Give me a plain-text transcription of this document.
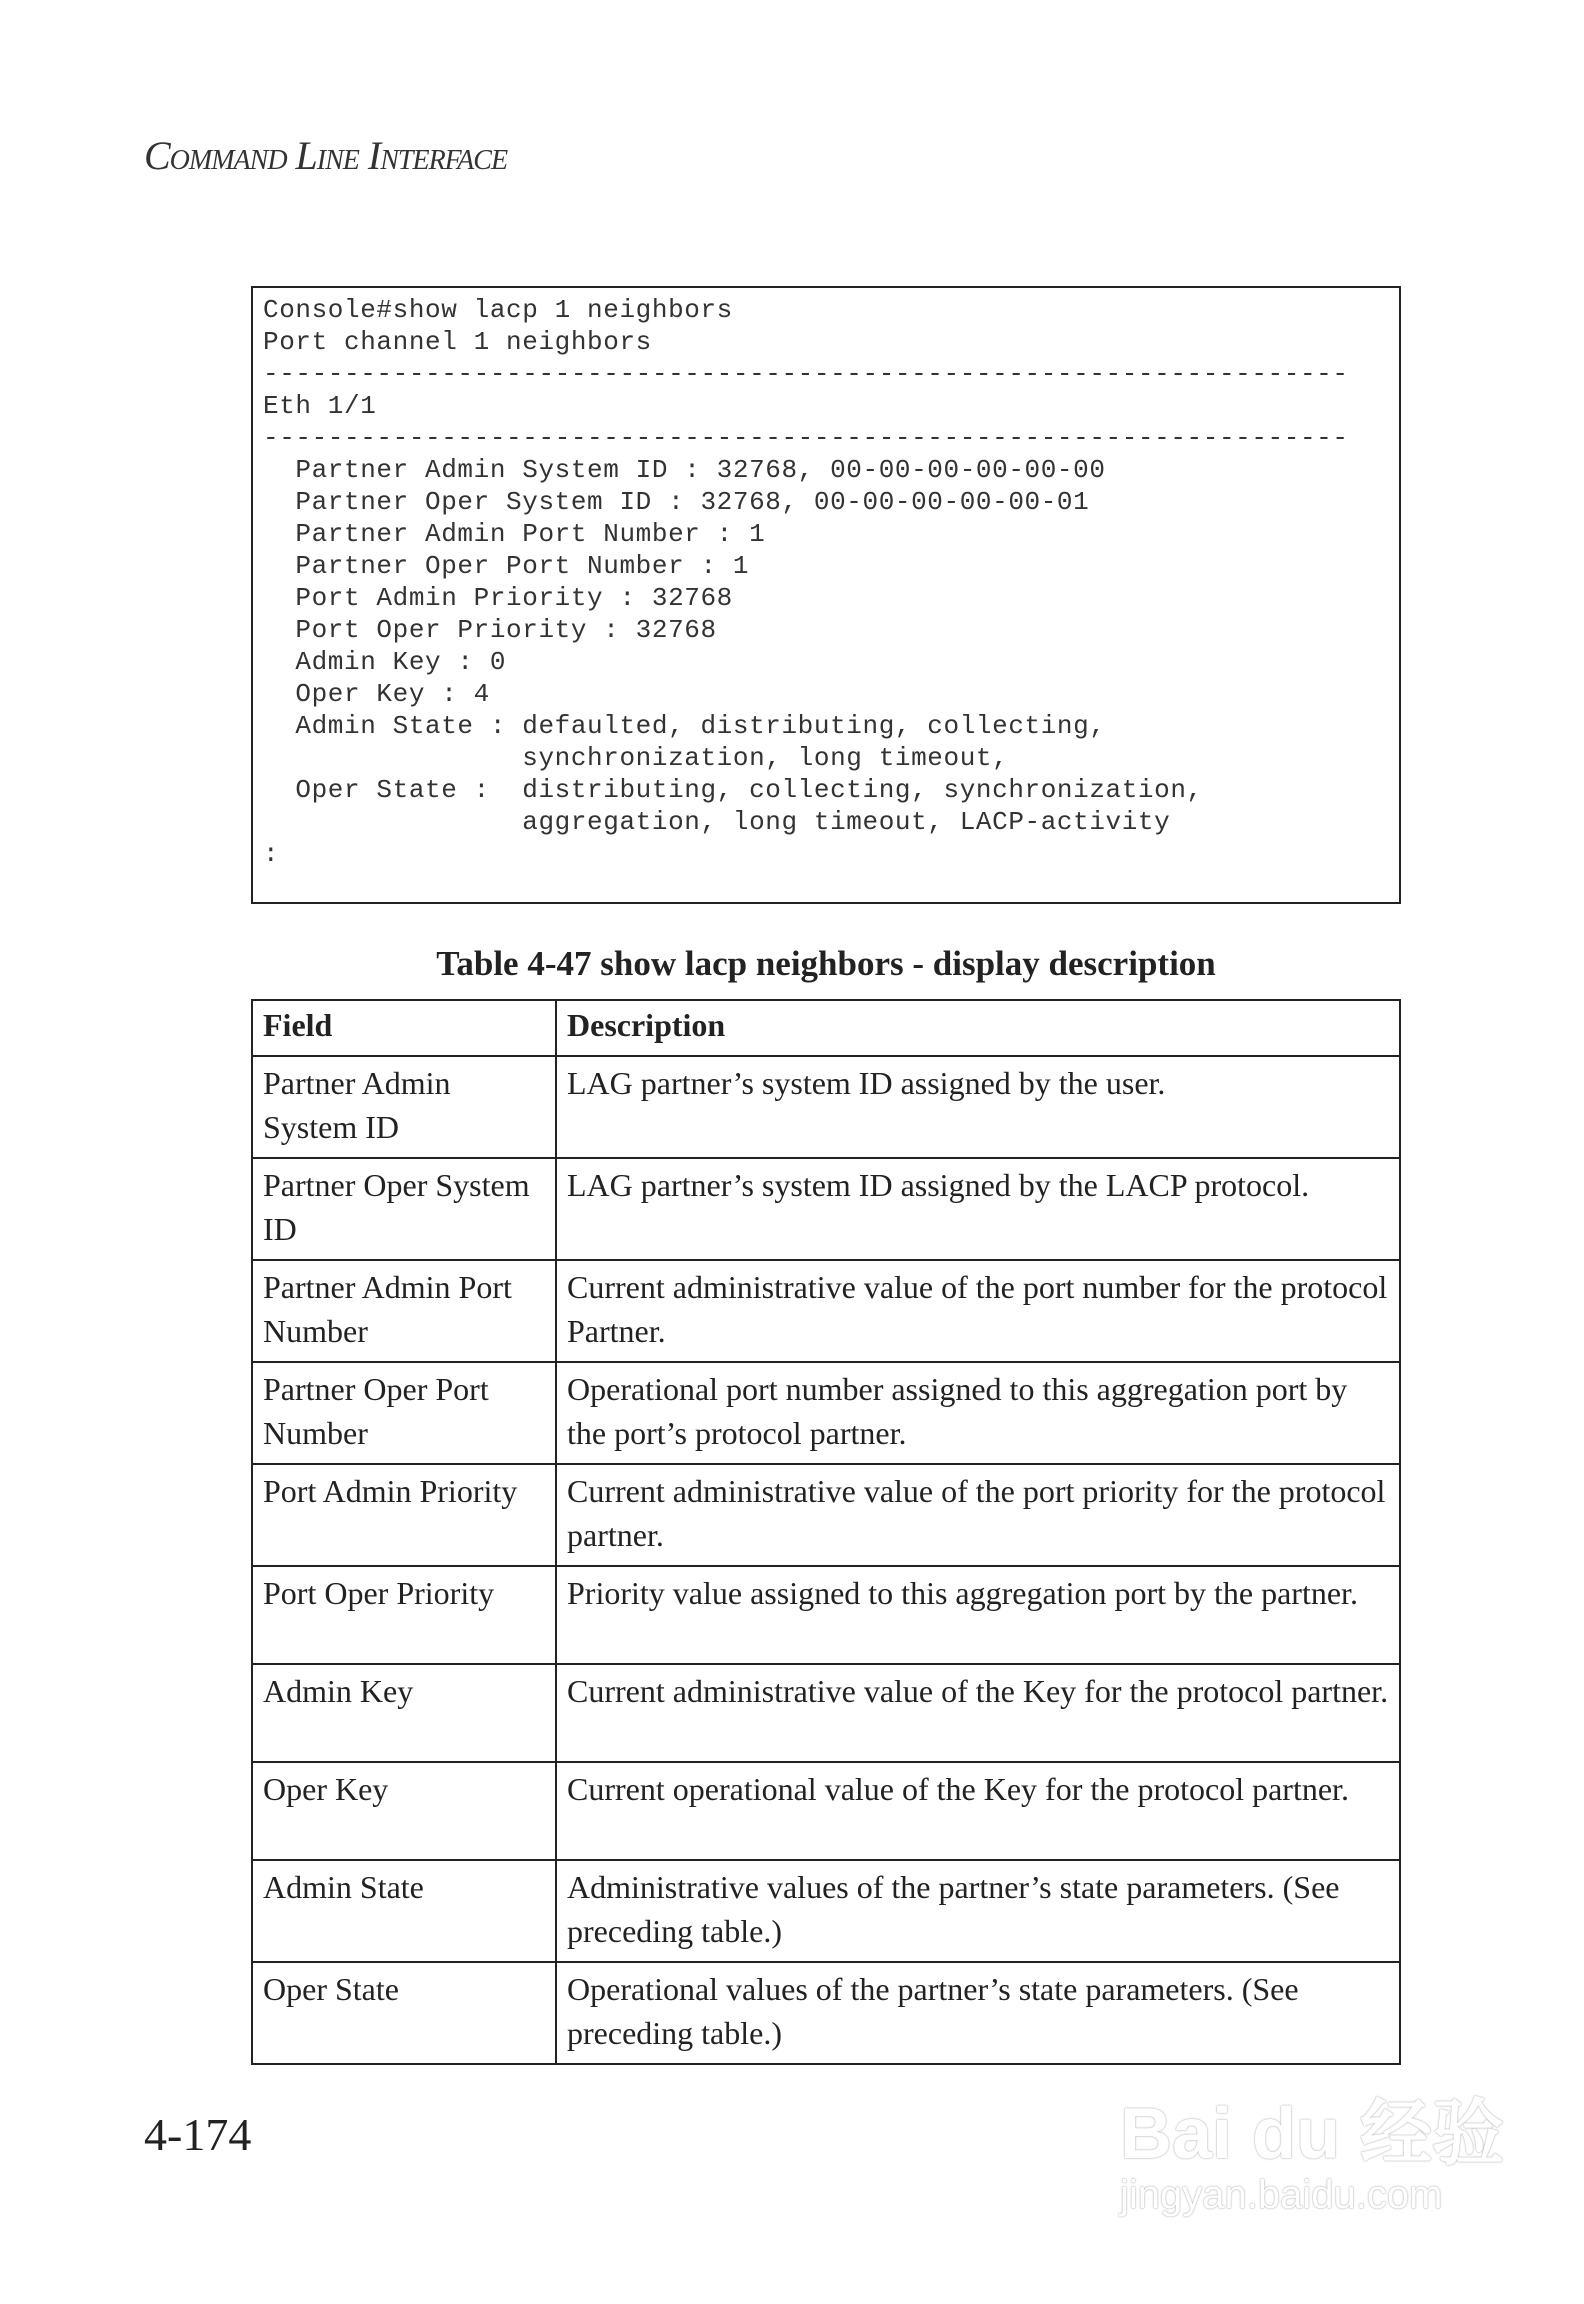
Command Line Interface
Console#show lacp 1 neighbors
Port channel 1 neighbors
-------------------------------------------------------------------
Eth 1/1
-------------------------------------------------------------------
Partner Admin System ID : 32768, 00-00-00-00-00-00
Partner Oper System ID : 32768, 00-00-00-00-00-01
Partner Admin Port Number : 1
Partner Oper Port Number : 1
Port Admin Priority : 32768
Port Oper Priority : 32768
Admin Key : 0
Oper Key : 4
Admin State : defaulted, distributing, collecting,
synchronization, long timeout,
Oper State :  distributing, collecting, synchronization,
aggregation, long timeout, LACP-activity
:

Table 4-47 show lacp neighbors - display description
Field	Description
Partner Admin System ID	LAG partner’s system ID assigned by the user.
Partner Oper System ID	LAG partner’s system ID assigned by the LACP protocol.
Partner Admin Port Number	Current administrative value of the port number for the protocol Partner.
Partner Oper Port Number	Operational port number assigned to this aggregation port by the port’s protocol partner.
Port Admin Priority	Current administrative value of the port priority for the protocol partner.
Port Oper Priority	Priority value assigned to this aggregation port by the partner.
Admin Key	Current administrative value of the Key for the protocol partner.
Oper Key	Current operational value of the Key for the protocol partner.
Admin State	Administrative values of the partner’s state parameters. (See preceding table.)
Oper State	Operational values of the partner’s state parameters. (See preceding table.)
4-174	Bai du 经验
jingyan.baidu.com
